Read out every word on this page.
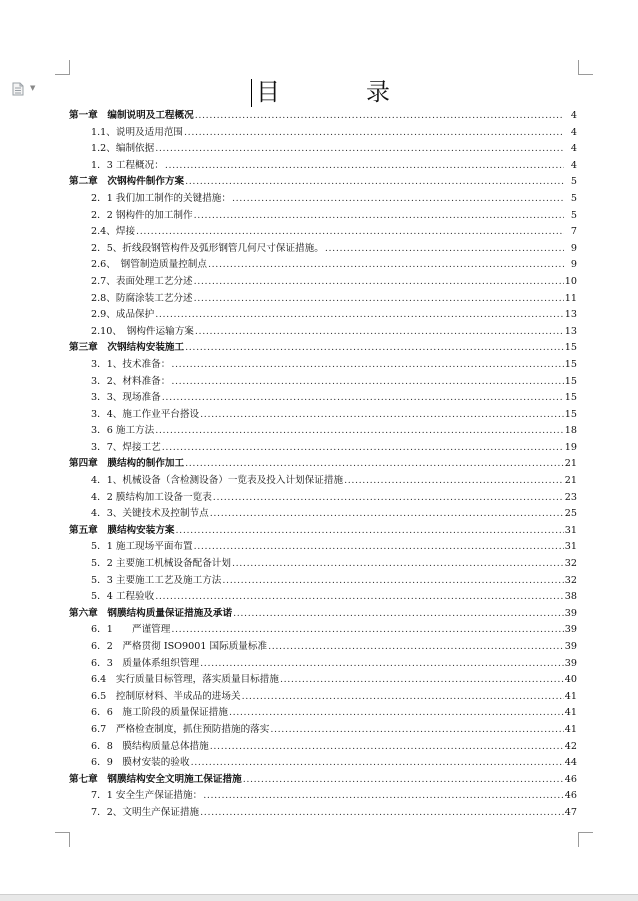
▼	目	录
第一章　编制说明及工程概况 .....	4
1.1、说明及适用范围 .....	4
1.2、编制依据 .....	4
1．3 工程概况： .....	4
第二章　次钢构件制作方案 .....	5
2．1 我们加工制作的关键措施： .....	5
2．2 钢构件的加工制作 .....	5
2.4、焊接 .....	7
2．5、折线段钢管构件及弧形钢管几何尺寸保证措施。 .....	9
2.6、　钢管制造质量控制点 .....	9
2.7、表面处理工艺分述 .....	10
2.8、防腐涂装工艺分述 .....	11
2.9、成品保护 .....	13
2.10、　钢构件运输方案 .....	13
第三章　次钢结构安装施工 .....	15
3．1、技术准备： .....	15
3．2、材料准备： .....	15
3．3、现场准备 .....	15
3．4、施工作业平台搭设 .....	15
3．6 施工方法 .....	18
3．7、焊接工艺 .....	19
第四章　膜结构的制作加工 .....	21
4．1、机械设备（含检测设备）一览表及投入计划保证措施 .....	21
4．2 膜结构加工设备一览表 .....	23
4．3、关键技术及控制节点 .....	25
第五章　膜结构安装方案 .....	31
5．1 施工现场平面布置 .....	31
5．2 主要施工机械设备配备计划 .....	32
5．3 主要施工工艺及施工方法 .....	32
5．4 工程验收 .....	38
第六章　钢膜结构质量保证措施及承诺 .....	39
6．1　　严谨管理 .....	39
6．2　严格贯彻 ISO9001 国际质量标准 .....	39
6．3　质量体系组织管理 .....	39
6.4　实行质量目标管理，落实质量目标措施 .....	40
6.5　控制原材料、半成品的进场关 .....	41
6．6　施工阶段的质量保证措施 .....	41
6.7　严格检查制度，抓住预防措施的落实 .....	41
6．8　膜结构质量总体措施 .....	42
6．9　膜材安装的验收 .....	44
第七章　钢膜结构安全文明施工保证措施 .....	46
7．1 安全生产保证措施： .....	46
7．2、文明生产保证措施 .....	47
